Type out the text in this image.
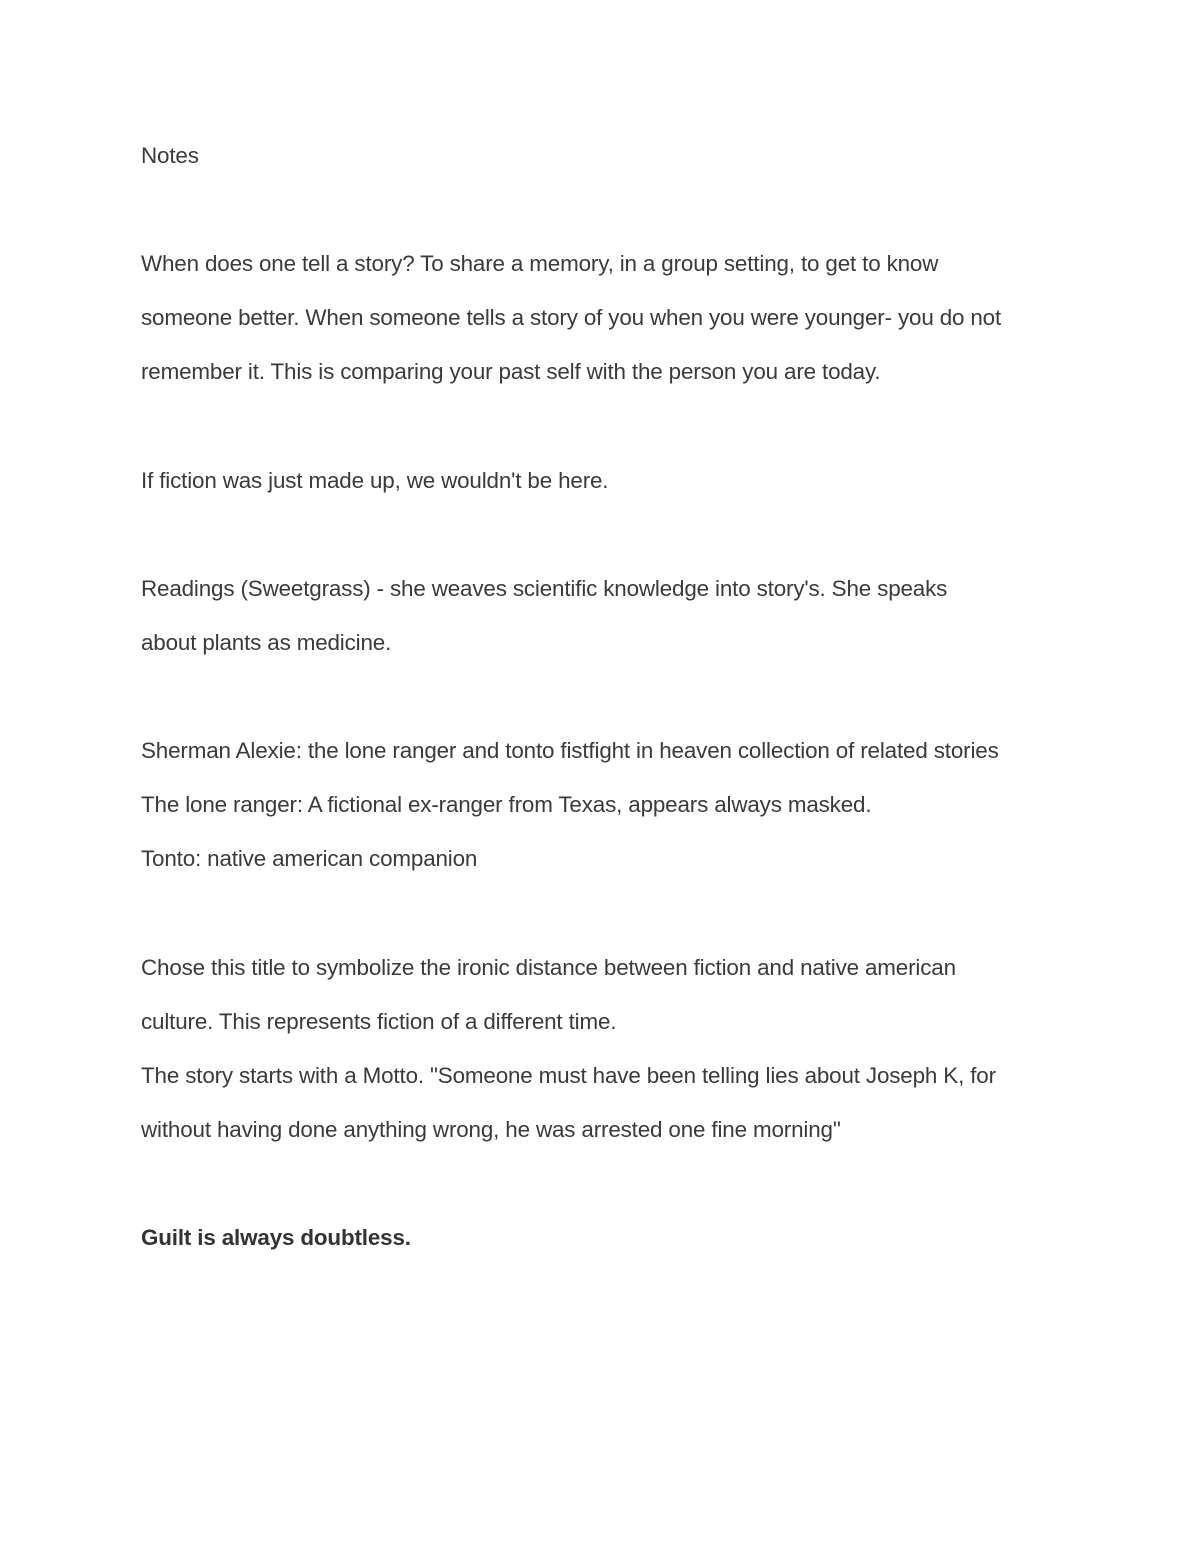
Notes
When does one tell a story? To share a memory, in a group setting, to get to know
someone better. When someone tells a story of you when you were younger- you do not
remember it. This is comparing your past self with the person you are today.
If fiction was just made up, we wouldn't be here.
Readings (Sweetgrass) - she weaves scientific knowledge into story's. She speaks
about plants as medicine.
Sherman Alexie: the lone ranger and tonto fistfight in heaven collection of related stories
The lone ranger: A fictional ex-ranger from Texas, appears always masked.
Tonto: native american companion
Chose this title to symbolize the ironic distance between fiction and native american
culture. This represents fiction of a different time.
The story starts with a Motto. "Someone must have been telling lies about Joseph K, for
without having done anything wrong, he was arrested one fine morning"
Guilt is always doubtless.
